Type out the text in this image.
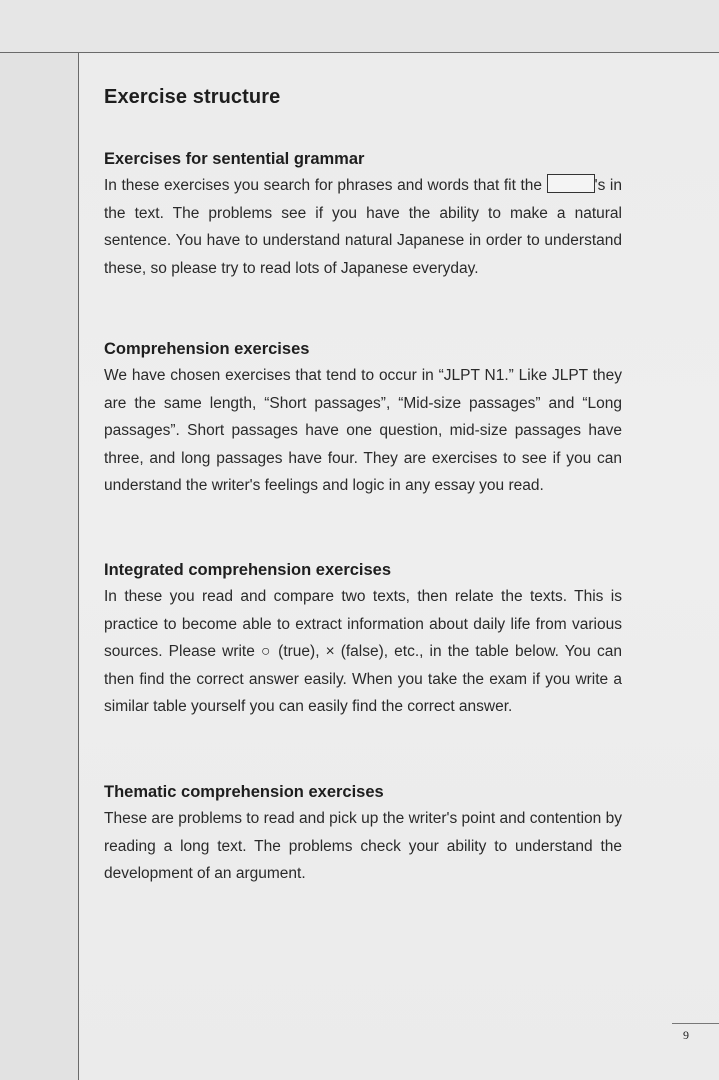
Exercise structure
Exercises for sentential grammar

In these exercises you search for phrases and words that fit the	's in the text. The problems see if you have the ability to make a natural sentence. You have to understand natural Japanese in order to understand these, so please try to read lots of Japanese everyday.

Comprehension exercises

We have chosen exercises that tend to occur in “JLPT N1.” Like JLPT they are the same length, “Short passages”, “Mid-size passages” and “Long passages”. Short passages have one question, mid-size passages have three, and long passages have four. They are exercises to see if you can understand the writer's feelings and logic in any essay you read.

Integrated comprehension exercises

In these you read and compare two texts, then relate the texts. This is practice to become able to extract information about daily life from various sources. Please write ○ (true), × (false), etc., in the table below. You can then find the correct answer easily. When you take the exam if you write a similar table yourself you can easily find the correct answer.

Thematic comprehension exercises

These are problems to read and pick up the writer's point and contention by reading a long text. The problems check your ability to understand the development of an argument.

9
